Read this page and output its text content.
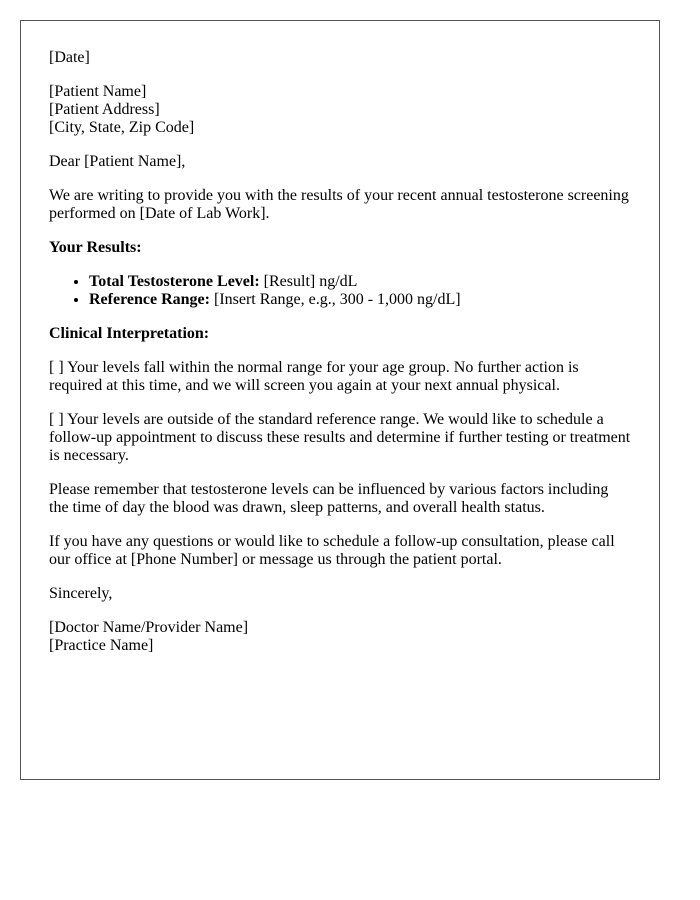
[Date]
[Patient Name]
[Patient Address]
[City, State, Zip Code]
Dear [Patient Name],
We are writing to provide you with the results of your recent annual testosterone screening performed on [Date of Lab Work].
Your Results:
• Total Testosterone Level: [Result] ng/dL
• Reference Range: [Insert Range, e.g., 300 - 1,000 ng/dL]
Clinical Interpretation:
[ ] Your levels fall within the normal range for your age group. No further action is required at this time, and we will screen you again at your next annual physical.
[ ] Your levels are outside of the standard reference range. We would like to schedule a follow-up appointment to discuss these results and determine if further testing or treatment is necessary.
Please remember that testosterone levels can be influenced by various factors including the time of day the blood was drawn, sleep patterns, and overall health status.
If you have any questions or would like to schedule a follow-up consultation, please call our office at [Phone Number] or message us through the patient portal.
Sincerely,
[Doctor Name/Provider Name]
[Practice Name]
